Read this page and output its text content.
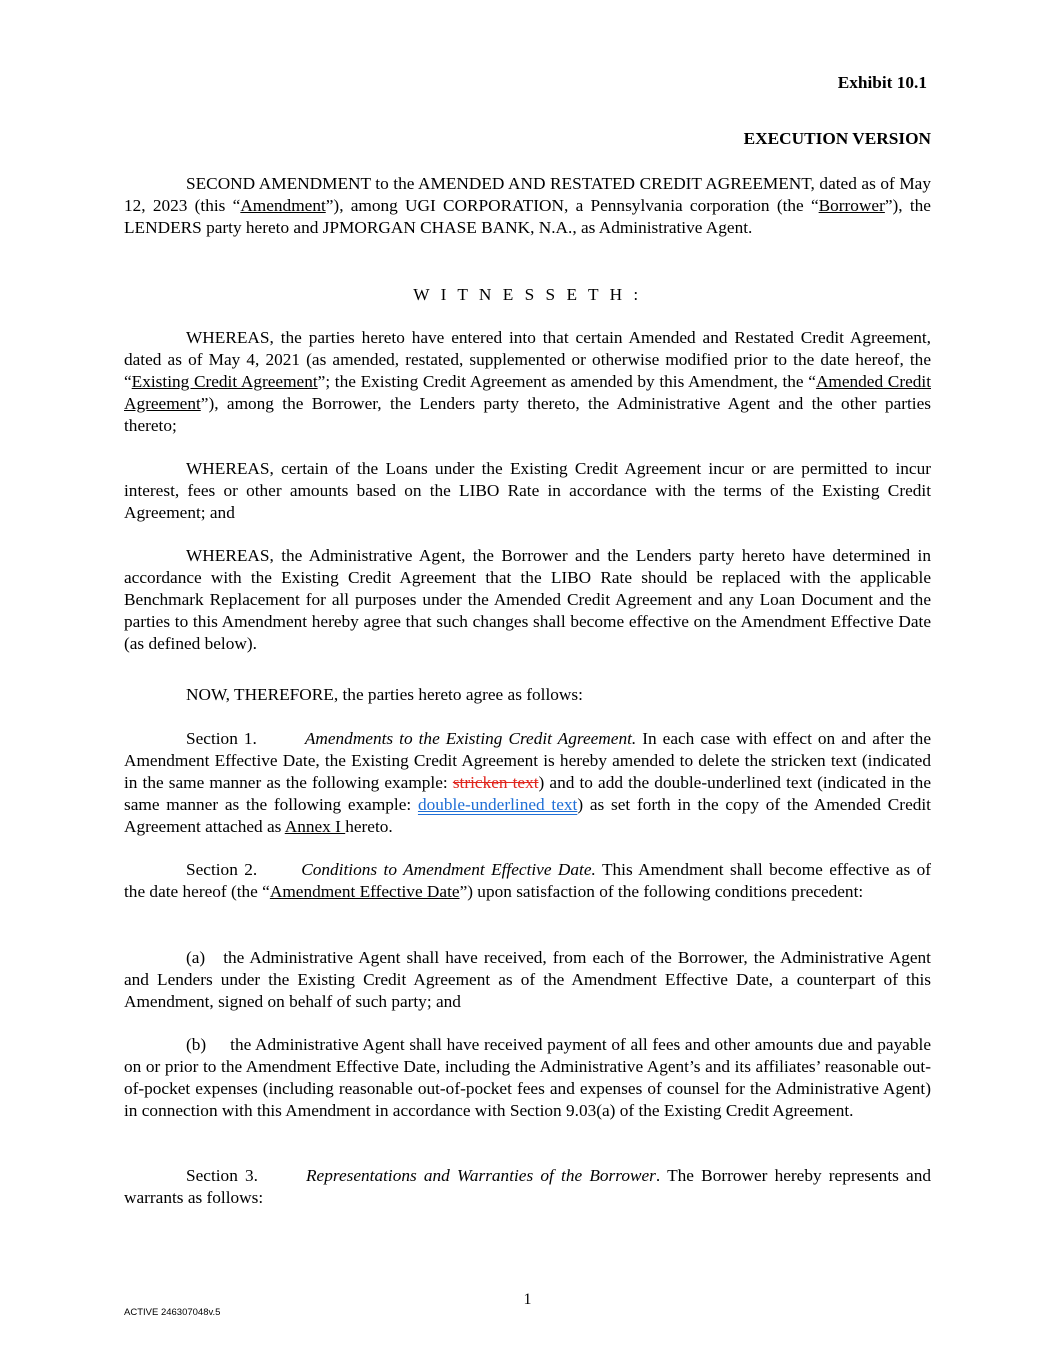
Exhibit 10.1
EXECUTION VERSION

SECOND AMENDMENT to the AMENDED AND RESTATED CREDIT AGREEMENT, dated as of May 12, 2023 (this “Amendment”), among UGI CORPORATION, a Pennsylvania corporation (the “Borrower”), the LENDERS party hereto and JPMORGAN CHASE BANK, N.A., as Administrative Agent.

W I T N E S S E T H :

WHEREAS, the parties hereto have entered into that certain Amended and Restated Credit Agreement, dated as of May 4, 2021 (as amended, restated, supplemented or otherwise modified prior to the date hereof, the “Existing Credit Agreement”; the Existing Credit Agreement as amended by this Amendment, the “Amended Credit Agreement”), among the Borrower, the Lenders party thereto, the Administrative Agent and the other parties thereto;

WHEREAS, certain of the Loans under the Existing Credit Agreement incur or are permitted to incur interest, fees or other amounts based on the LIBO Rate in accordance with the terms of the Existing Credit Agreement; and

WHEREAS, the Administrative Agent, the Borrower and the Lenders party hereto have determined in accordance with the Existing Credit Agreement that the LIBO Rate should be replaced with the applicable Benchmark Replacement for all purposes under the Amended Credit Agreement and any Loan Document and the parties to this Amendment hereby agree that such changes shall become effective on the Amendment Effective Date (as defined below).

NOW, THEREFORE, the parties hereto agree as follows:

Section 1.	Amendments to the Existing Credit Agreement. In each case with effect on and after the Amendment Effective Date, the Existing Credit Agreement is hereby amended to delete the stricken text (indicated in the same manner as the following example: stricken text) and to add the double-underlined text (indicated in the same manner as the following example: double-underlined text) as set forth in the copy of the Amended Credit Agreement attached as Annex I hereto.

Section 2.	Conditions to Amendment Effective Date. This Amendment shall become effective as of the date hereof (the “Amendment Effective Date”) upon satisfaction of the following conditions precedent:

(a) the Administrative Agent shall have received, from each of the Borrower, the Administrative Agent and Lenders under the Existing Credit Agreement as of the Amendment Effective Date, a counterpart of this Amendment, signed on behalf of such party; and

(b) the Administrative Agent shall have received payment of all fees and other amounts due and payable on or prior to the Amendment Effective Date, including the Administrative Agent’s and its affiliates’ reasonable out-of-pocket expenses (including reasonable out-of-pocket fees and expenses of counsel for the Administrative Agent) in connection with this Amendment in accordance with Section 9.03(a) of the Existing Credit Agreement.

Section 3.	Representations and Warranties of the Borrower. The Borrower hereby represents and warrants as follows:

1
ACTIVE 246307048v.5
